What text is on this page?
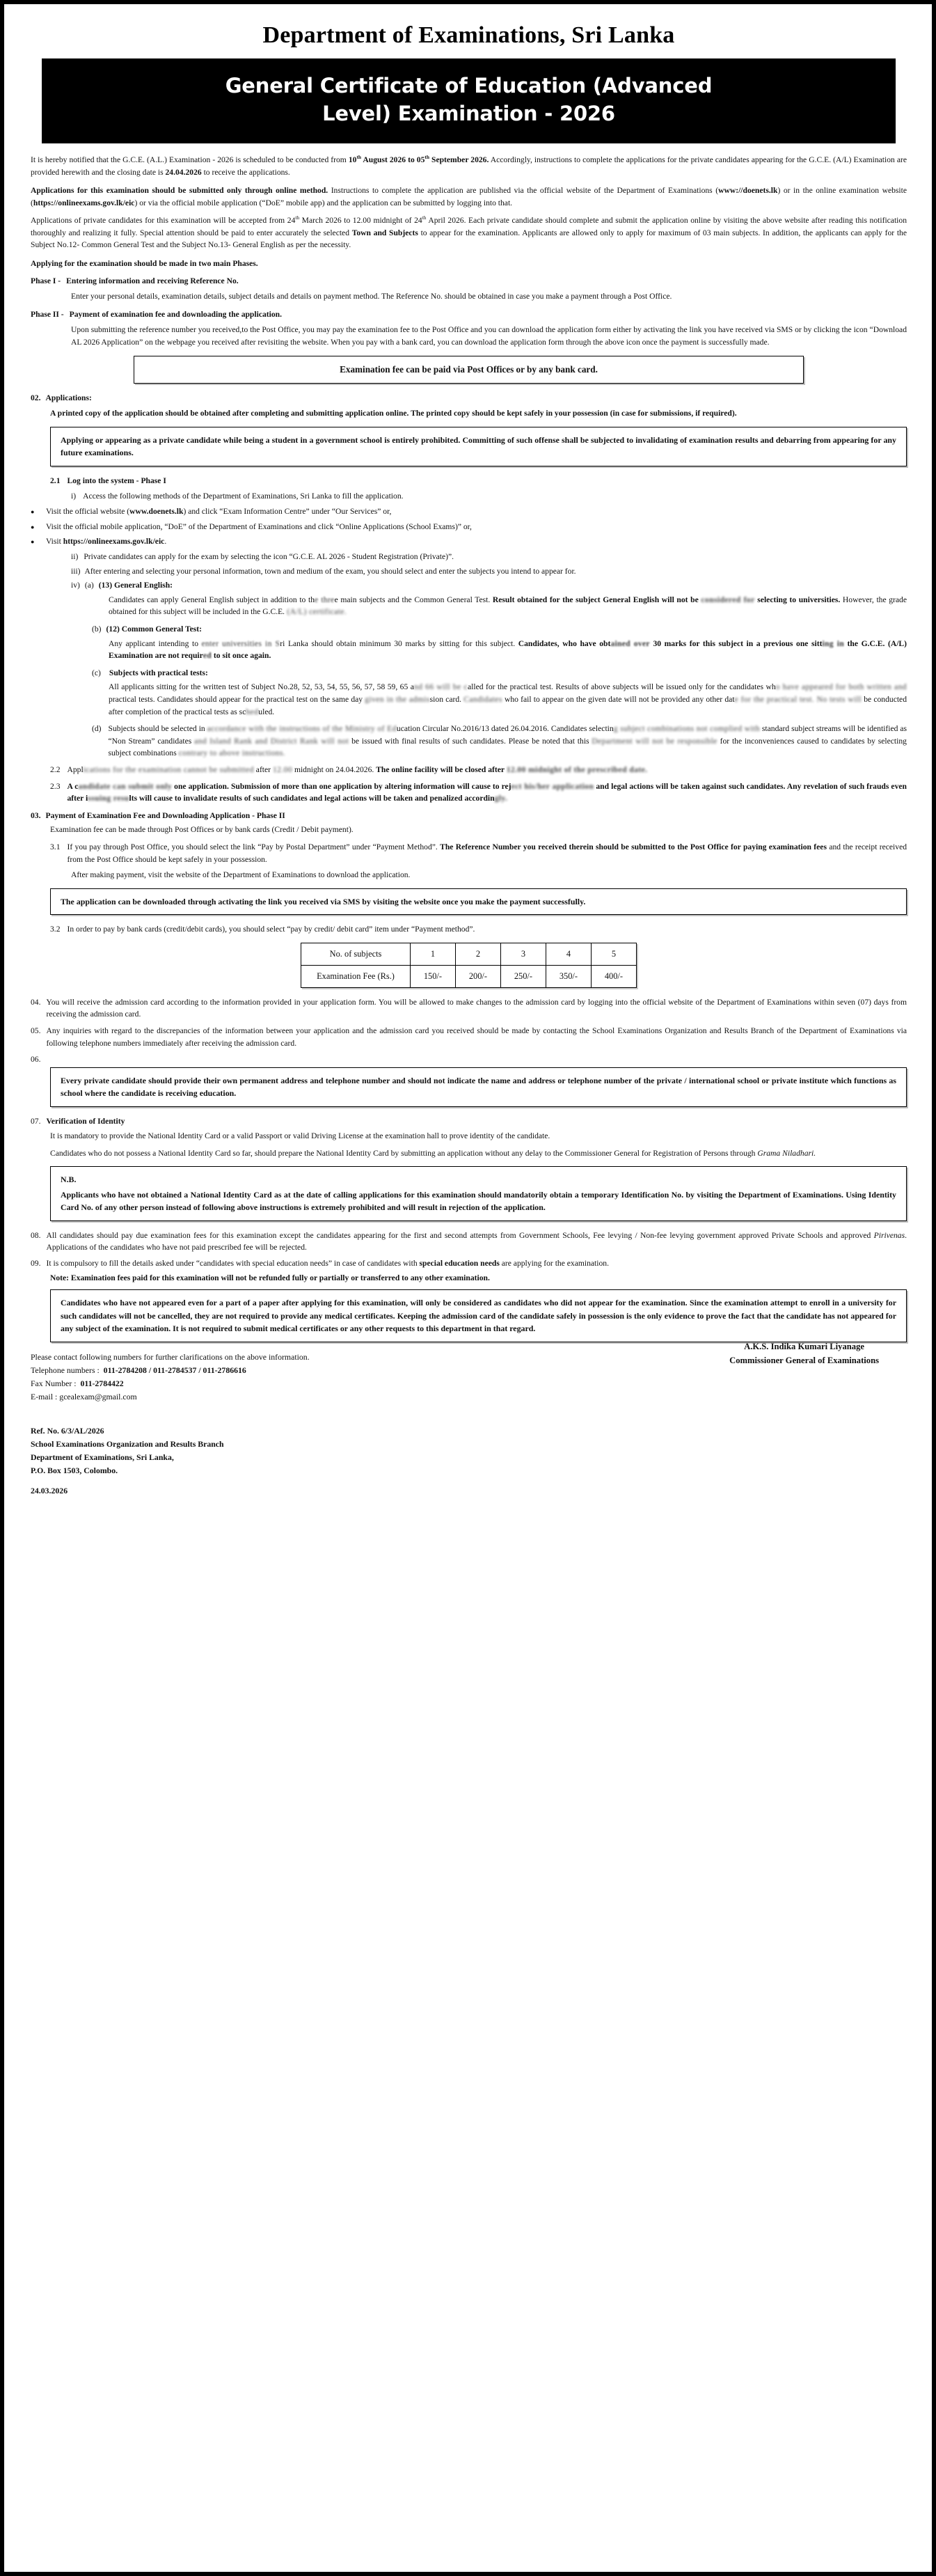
Department of Examinations, Sri Lanka
General Certificate of Education (Advanced
Level) Examination - 2026

It is hereby notified that the G.C.E. (A.L.) Examination - 2026 is scheduled to be conducted from 10th August 2026 to 05th September 2026. Accordingly, instructions to complete the applications for the private candidates appearing for the G.C.E. (A/L) Examination are provided herewith and the closing date is 24.04.2026 to receive the applications.

Applications for this examination should be submitted only through online method. Instructions to complete the application are published via the official website of the Department of Examinations (www://doenets.lk) or in the online examination website (https://onlineexams.gov.lk/eic) or via the official mobile application (“DoE” mobile app) and the application can be submitted by logging into that.

Applications of private candidates for this examination will be accepted from 24th March 2026 to 12.00 midnight of 24th April 2026. Each private candidate should complete and submit the application online by visiting the above website after reading this notification thoroughly and realizing it fully. Special attention should be paid to enter accurately the selected Town and Subjects to appear for the examination. Applicants are allowed only to apply for maximum of 03 main subjects. In addition, the applicants can apply for the Subject No.12- Common General Test and the Subject No.13- General English as per the necessity.

Applying for the examination should be made in two main Phases.

Phase I - Entering information and receiving Reference No.

Enter your personal details, examination details, subject details and details on payment method. The Reference No. should be obtained in case you make a payment through a Post Office.

Phase II - Payment of examination fee and downloading the application.

Upon submitting the reference number you received,to the Post Office, you may pay the examination fee to the Post Office and you can download the application form either by activating the link you have received via SMS or by clicking the icon “Download AL 2026 Application” on the webpage you received after revisiting the website. When you pay with a bank card, you can download the application form through the above icon once the payment is successfully made.

Examination fee can be paid via Post Offices or by any bank card.
02. Applications:

A printed copy of the application should be obtained after completing and submitting application online. The printed copy should be kept safely in your possession (in case for submissions, if required).

Applying or appearing as a private candidate while being a student in a government school is entirely prohibited. Committing of such offense shall be subjected to invalidating of examination results and debarring from appearing for any future examinations.
2.1 Log into the system - Phase I
i) Access the following methods of the Department of Examinations, Sri Lanka to fill the application.
●
Visit the official website (www.doenets.lk) and click “Exam Information Centre” under “Our Services” or,
●
Visit the official mobile application, “DoE” of the Department of Examinations and click “Online Applications (School Exams)” or,
●
Visit https://onlineexams.gov.lk/eic.
ii) Private candidates can apply for the exam by selecting the icon “G.C.E. AL 2026 - Student Registration (Private)”.
iii) After entering and selecting your personal information, town and medium of the exam, you should select and enter the subjects you intend to appear for.
iv) (a) (13) General English:

Candidates can apply General English subject in addition to the three main subjects and the Common General Test. Result obtained for the subject General English will not be considered for selecting to universities. However, the grade obtained for this subject will be included in the G.C.E. (A/L) certificate.

(b) (12) Common General Test:

Any applicant intending to enter universities in Sri Lanka should obtain minimum 30 marks by sitting for this subject. Candidates, who have obtained over 30 marks for this subject in a previous one sitting in the G.C.E. (A/L) Examination are not required to sit once again.

(c) Subjects with practical tests:

All applicants sitting for the written test of Subject No.28, 52, 53, 54, 55, 56, 57, 58 59, 65 and 66 will be called for the practical test. Results of above subjects will be issued only for the candidates who have appeared for both written and practical tests. Candidates should appear for the practical test on the same day given in the admission card. Candidates who fail to appear on the given date will not be provided any other date for the practical test. No tests will be conducted after completion of the practical tests as scheduled.

(d) Subjects should be selected in accordance with the instructions of the Ministry of Education Circular No.2016/13 dated 26.04.2016. Candidates selecting subject combinations not complied with standard subject streams will be identified as “Non Stream” candidates and Island Rank and District Rank will not be issued with final results of such candidates. Please be noted that this Department will not be responsible for the inconveniences caused to candidates by selecting subject combinations contrary to above instructions.
2.2 Applications for the examination cannot be submitted after 12.00 midnight on 24.04.2026. The online facility will be closed after 12.00 midnight of the prescribed date.
2.3 A candidate can submit only one application. Submission of more than one application by altering information will cause to reject his/her application and legal actions will be taken against such candidates. Any revelation of such frauds even after issuing results will cause to invalidate results of such candidates and legal actions will be taken and penalized accordingly.
03. Payment of Examination Fee and Downloading Application - Phase II

Examination fee can be made through Post Offices or by bank cards (Credit / Debit payment).

3.1 If you pay through Post Office, you should select the link “Pay by Postal Department” under “Payment Method”. The Reference Number you received therein should be submitted to the Post Office for paying examination fees and the receipt received from the Post Office should be kept safely in your possession.

After making payment, visit the website of the Department of Examinations to download the application.

The application can be downloaded through activating the link you received via SMS by visiting the website once you make the payment successfully.
3.2 In order to pay by bank cards (credit/debit cards), you should select “pay by credit/ debit card” item under “Payment method”.
No. of subjects	1	2	3	4	5
Examination Fee (Rs.)	150/-	200/-	250/-	350/-	400/-
04. You will receive the admission card according to the information provided in your application form. You will be allowed to make changes to the admission card by logging into the official website of the Department of Examinations within seven (07) days from receiving the admission card.
05. Any inquiries with regard to the discrepancies of the information between your application and the admission card you received should be made by contacting the School Examinations Organization and Results Branch of the Department of Examinations via following telephone numbers immediately after receiving the admission card.
06.
Every private candidate should provide their own permanent address and telephone number and should not indicate the name and address or telephone number of the private / international school or private institute which functions as school where the candidate is receiving education.
07. Verification of Identity

It is mandatory to provide the National Identity Card or a valid Passport or valid Driving License at the examination hall to prove identity of the candidate.

Candidates who do not possess a National Identity Card so far, should prepare the National Identity Card by submitting an application without any delay to the Commissioner General for Registration of Persons through Grama Niladhari.

N.B.
Applicants who have not obtained a National Identity Card as at the date of calling applications for this examination should mandatorily obtain a temporary Identification No. by visiting the Department of Examinations. Using Identity Card No. of any other person instead of following above instructions is extremely prohibited and will result in rejection of the application.
08. All candidates should pay due examination fees for this examination except the candidates appearing for the first and second attempts from Government Schools, Fee levying / Non-fee levying government approved Private Schools and approved Pirivenas. Applications of the candidates who have not paid prescribed fee will be rejected.
09. It is compulsory to fill the details asked under “candidates with special education needs” in case of candidates with special education needs are applying for the examination.

Note: Examination fees paid for this examination will not be refunded fully or partially or transferred to any other examination.

Candidates who have not appeared even for a part of a paper after applying for this examination, will only be considered as candidates who did not appear for the examination. Since the examination attempt to enroll in a university for such candidates will not be cancelled, they are not required to provide any medical certificates. Keeping the admission card of the candidate safely in possession is the only evidence to prove the fact that the candidate has not appeared for any subject of the examination. It is not required to submit medical certificates or any other requests to this department in that regard.
Please contact following numbers for further clarifications on the above information.
Telephone numbers : 011-2784208 / 011-2784537 / 011-2786616
Fax Number : 011-2784422
E-mail : gcealexam@gmail.com
A.K.S. Indika Kumari Liyanage
Commissioner General of Examinations
Ref. No. 6/3/AL/2026
School Examinations Organization and Results Branch
Department of Examinations, Sri Lanka,
P.O. Box 1503, Colombo.
24.03.2026
